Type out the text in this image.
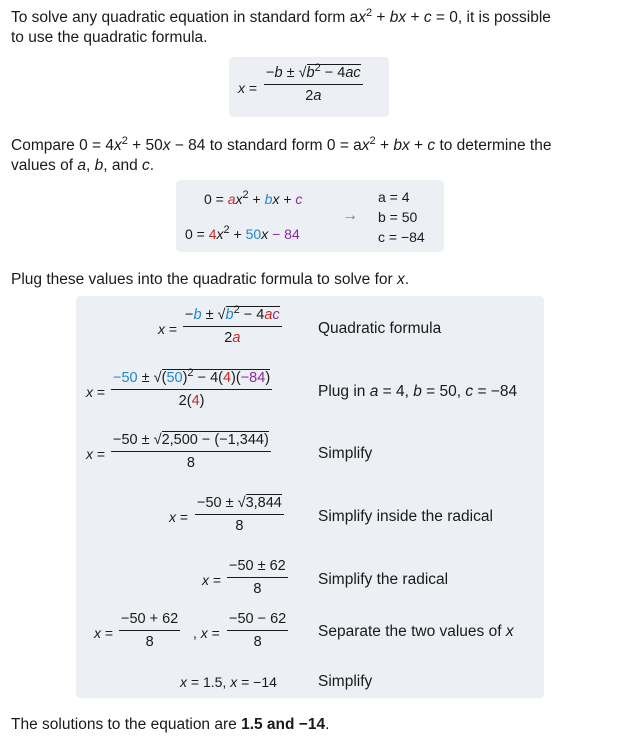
To solve any quadratic equation in standard form $ax^2$ + bx + c = 0, it is possible
to use the quadratic formula.
$x = \frac{-b \pm √b^2 - 4ac}{2a}$
Compare $0 = 4x^2 + 50x - 84$ to standard form $0 = ax^2$ + bx + c to determine the
values of a, b, and c.
$0 = ax^2$ + bx + c
$0 = 4x^2 + 50x - 84$
→
a = 4
b = 50
c = −84
Plug these values into the quadratic formula to solve for x.
$x = \frac{-b \pm √b^2 - 4ac}{2a}$ Quadratic formula
$x = \frac{-50 \pm √(50)^2 - 4(4)(-84)}{2(4)}$	Plug in a = 4, b = 50, c = −84
$x = \frac{-50 \pm √2,500 - (-1,344)}{8}$	Simplify
$x = \frac{-50 \pm √3,844}{8}$ Simplify inside the radical
$x = \frac{-50 \pm 62}{8}$ Simplify the radical
$x = \frac{-50 + 62}{8}$ , $x = \frac{-50 - 62}{8}$ Separate the two values of x
x = 1.5, x = −14	Simplify
The solutions to the equation are 1.5 and −14.
